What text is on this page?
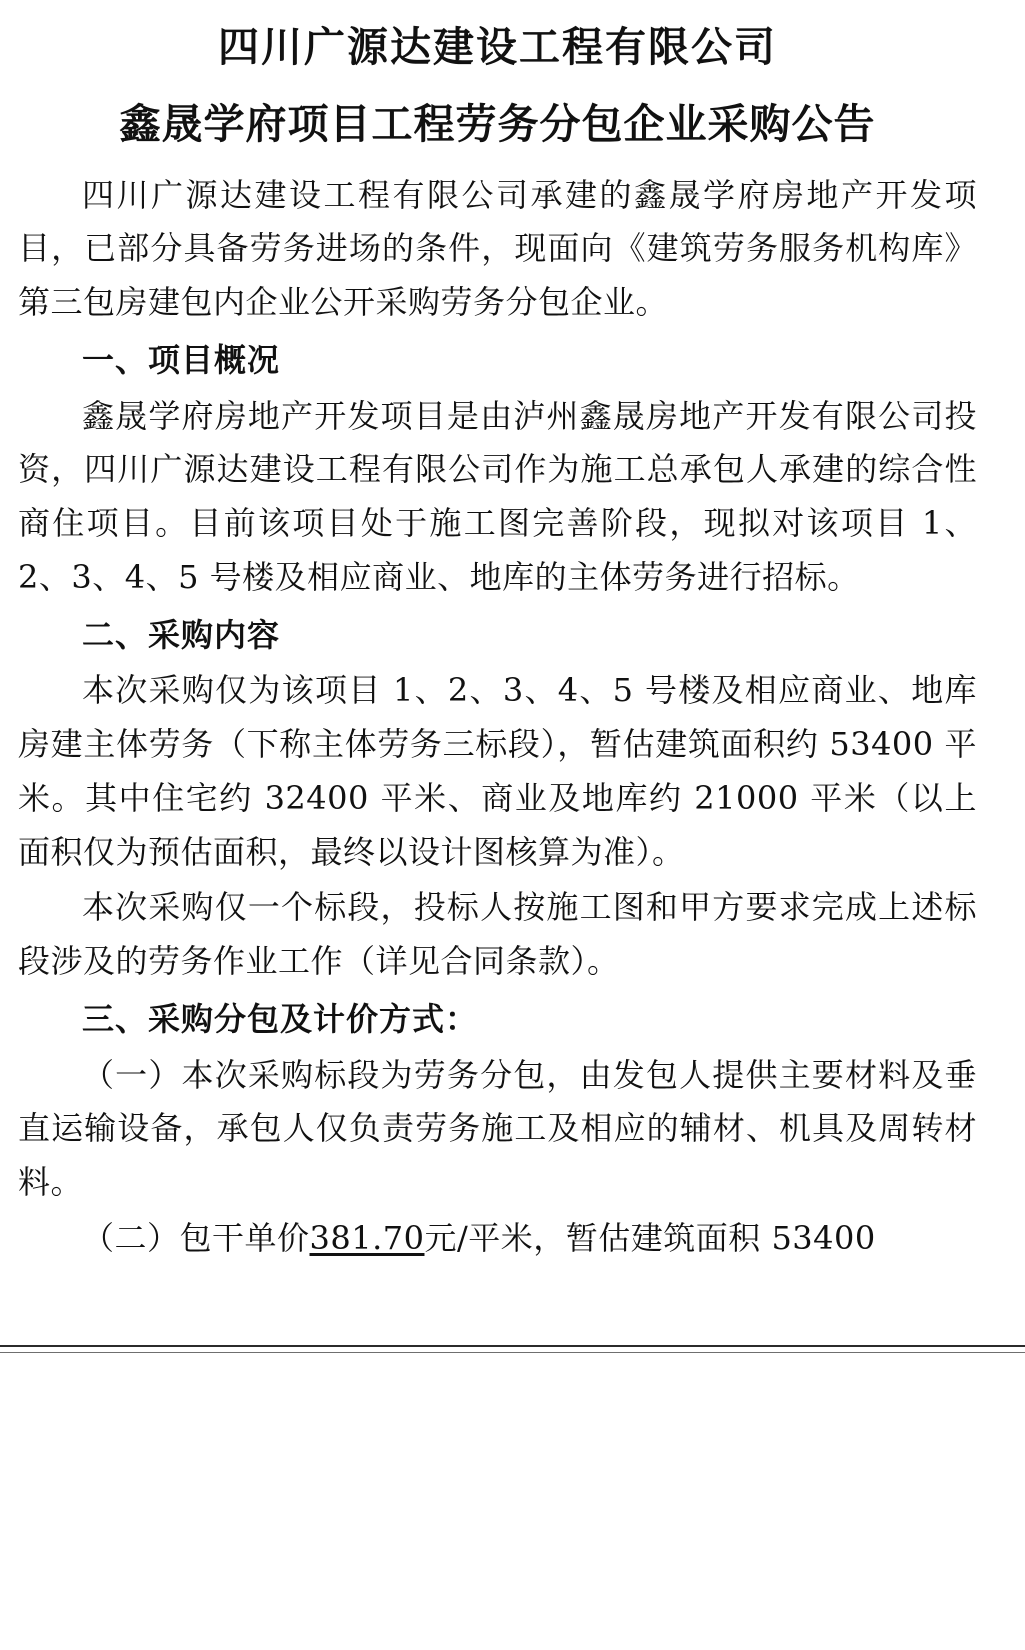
四川广源达建设工程有限公司
鑫晟学府项目工程劳务分包企业采购公告

四川广源达建设工程有限公司承建的鑫晟学府房地产开发项目，已部分具备劳务进场的条件，现面向《建筑劳务服务机构库》第三包房建包内企业公开采购劳务分包企业。

一、项目概况

鑫晟学府房地产开发项目是由泸州鑫晟房地产开发有限公司投资，四川广源达建设工程有限公司作为施工总承包人承建的综合性商住项目。目前该项目处于施工图完善阶段，现拟对该项目 1、2、3、4、5 号楼及相应商业、地库的主体劳务进行招标。

二、采购内容

本次采购仅为该项目 1、2、3、4、5 号楼及相应商业、地库房建主体劳务（下称主体劳务三标段），暂估建筑面积约 53400 平米。其中住宅约 32400 平米、商业及地库约 21000 平米（以上面积仅为预估面积，最终以设计图核算为准）。

本次采购仅一个标段，投标人按施工图和甲方要求完成上述标段涉及的劳务作业工作（详见合同条款）。

三、采购分包及计价方式：

（一）本次采购标段为劳务分包，由发包人提供主要材料及垂直运输设备，承包人仅负责劳务施工及相应的辅材、机具及周转材料。

（二）包干单价381.70元/平米，暂估建筑面积 53400
